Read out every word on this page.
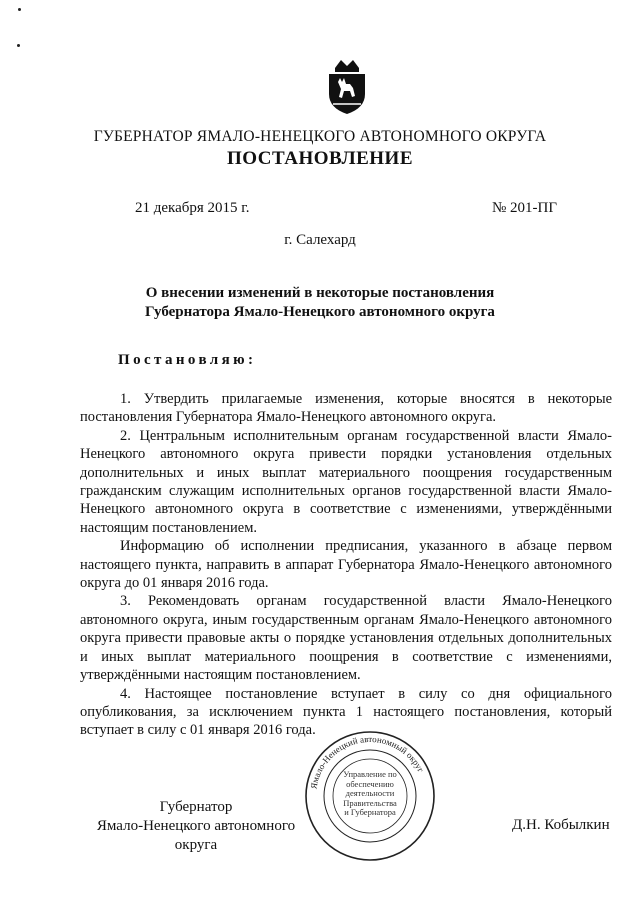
ГУБЕРНАТОР ЯМАЛО-НЕНЕЦКОГО АВТОНОМНОГО ОКРУГА
ПОСТАНОВЛЕНИЕ
21 декабря 2015 г.	№ 201-ПГ
г. Салехард
О внесении изменений в некоторые постановления
Губернатора Ямало-Ненецкого автономного округа
Постановляю:

1. Утвердить прилагаемые изменения, которые вносятся в некоторые постановления Губернатора Ямало-Ненецкого автономного округа.

2. Центральным исполнительным органам государственной власти Ямало-Ненецкого автономного округа привести порядки установления отдельных дополнительных и иных выплат материального поощрения государственным гражданским служащим исполнительных органов государственной власти Ямало-Ненецкого автономного округа в соответствие с изменениями, утверждёнными настоящим постановлением.

Информацию об исполнении предписания, указанного в абзаце первом настоящего пункта, направить в аппарат Губернатора Ямало-Ненецкого автономного округа до 01 января 2016 года.

3. Рекомендовать органам государственной власти Ямало-Ненецкого автономного округа, иным государственным органам Ямало-Ненецкого автономного округа привести правовые акты о порядке установления отдельных дополнительных и иных выплат материального поощрения в соответствие с изменениями, утверждёнными настоящим постановлением.

4. Настоящее постановление вступает в силу со дня официального опубликования, за исключением пункта 1 настоящего постановления, который вступает в силу с 01 января 2016 года.

Ямало-Ненецкий автономный округ
Управление по
обеспечению
деятельности
Правительства
и Губернатора
Губернатор
Ямало-Ненецкого автономного округа
Д.Н. Кобылкин
